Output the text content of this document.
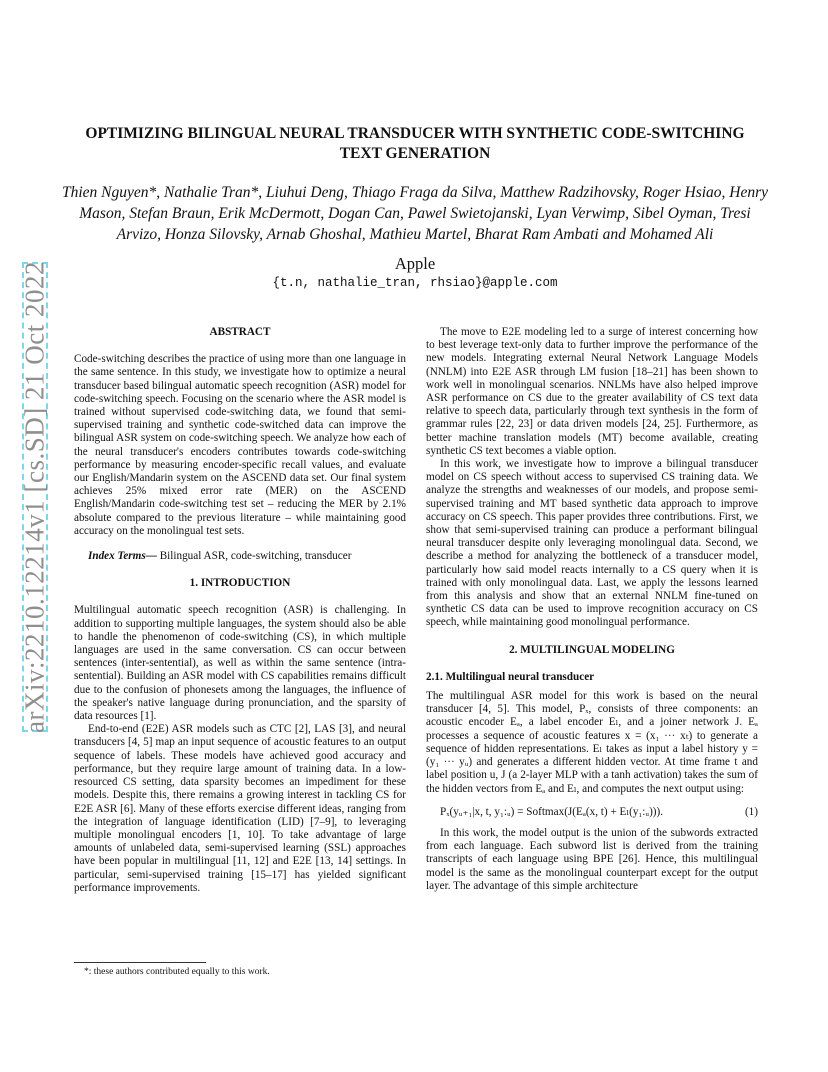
arXiv:2210.12214v1 [cs.SD] 21 Oct 2022
OPTIMIZING BILINGUAL NEURAL TRANSDUCER WITH SYNTHETIC CODE-SWITCHING TEXT GENERATION
Thien Nguyen*, Nathalie Tran*, Liuhui Deng, Thiago Fraga da Silva, Matthew Radzihovsky, Roger Hsiao, Henry Mason, Stefan Braun, Erik McDermott, Dogan Can, Pawel Swietojanski, Lyan Verwimp, Sibel Oyman, Tresi Arvizo, Honza Silovsky, Arnab Ghoshal, Mathieu Martel, Bharat Ram Ambati and Mohamed Ali
Apple
{t.n, nathalie_tran, rhsiao}@apple.com
ABSTRACT

Code-switching describes the practice of using more than one language in the same sentence. In this study, we investigate how to optimize a neural transducer based bilingual automatic speech recognition (ASR) model for code-switching speech. Focusing on the scenario where the ASR model is trained without supervised code-switching data, we found that semi-supervised training and synthetic code-switched data can improve the bilingual ASR system on code-switching speech. We analyze how each of the neural transducer's encoders contributes towards code-switching performance by measuring encoder-specific recall values, and evaluate our English/Mandarin system on the ASCEND data set. Our final system achieves 25% mixed error rate (MER) on the ASCEND English/Mandarin code-switching test set – reducing the MER by 2.1% absolute compared to the previous literature – while maintaining good accuracy on the monolingual test sets.

Index Terms— Bilingual ASR, code-switching, transducer

1. INTRODUCTION

Multilingual automatic speech recognition (ASR) is challenging. In addition to supporting multiple languages, the system should also be able to handle the phenomenon of code-switching (CS), in which multiple languages are used in the same conversation. CS can occur between sentences (inter-sentential), as well as within the same sentence (intra-sentential). Building an ASR model with CS capabilities remains difficult due to the confusion of phonesets among the languages, the influence of the speaker's native language during pronunciation, and the sparsity of data resources [1].

End-to-end (E2E) ASR models such as CTC [2], LAS [3], and neural transducers [4, 5] map an input sequence of acoustic features to an output sequence of labels. These models have achieved good accuracy and performance, but they require large amount of training data. In a low-resourced CS setting, data sparsity becomes an impediment for these models. Despite this, there remains a growing interest in tackling CS for E2E ASR [6]. Many of these efforts exercise different ideas, ranging from the integration of language identification (LID) [7–9], to leveraging multiple monolingual encoders [1, 10]. To take advantage of large amounts of unlabeled data, semi-supervised learning (SSL) approaches have been popular in multilingual [11, 12] and E2E [13, 14] settings. In particular, semi-supervised training [15–17] has yielded significant performance improvements.

The move to E2E modeling led to a surge of interest concerning how to best leverage text-only data to further improve the performance of the new models. Integrating external Neural Network Language Models (NNLM) into E2E ASR through LM fusion [18–21] has been shown to work well in monolingual scenarios. NNLMs have also helped improve ASR performance on CS due to the greater availability of CS text data relative to speech data, particularly through text synthesis in the form of grammar rules [22, 23] or data driven models [24, 25]. Furthermore, as better machine translation models (MT) become available, creating synthetic CS text becomes a viable option.

In this work, we investigate how to improve a bilingual transducer model on CS speech without access to supervised CS training data. We analyze the strengths and weaknesses of our models, and propose semi-supervised training and MT based synthetic data approach to improve accuracy on CS speech. This paper provides three contributions. First, we show that semi-supervised training can produce a performant bilingual neural transducer despite only leveraging monolingual data. Second, we describe a method for analyzing the bottleneck of a transducer model, particularly how said model reacts internally to a CS query when it is trained with only monolingual data. Last, we apply the lessons learned from this analysis and show that an external NNLM fine-tuned on synthetic CS data can be used to improve recognition accuracy on CS speech, while maintaining good monolingual performance.

2. MULTILINGUAL MODELING
2.1. Multilingual neural transducer

The multilingual ASR model for this work is based on the neural transducer [4, 5]. This model, Pₓ, consists of three components: an acoustic encoder Eₐ, a label encoder Eₗ, and a joiner network J. Eₐ processes a sequence of acoustic features x = (x₁ ··· xₜ) to generate a sequence of hidden representations. Eₗ takes as input a label history y = (y₁ ··· yᵤ) and generates a different hidden vector. At time frame t and label position u, J (a 2-layer MLP with a tanh activation) takes the sum of the hidden vectors from Eₐ and Eₗ, and computes the next output using:

Pₓ(yᵤ₊₁|x, t, y₁:ᵤ) = Softmax(J(Eₐ(x, t) + Eₗ(y₁:ᵤ))).	(1)

In this work, the model output is the union of the subwords extracted from each language. Each subword list is derived from the training transcripts of each language using BPE [26]. Hence, this multilingual model is the same as the monolingual counterpart except for the output layer. The advantage of this simple architecture

*: these authors contributed equally to this work.
